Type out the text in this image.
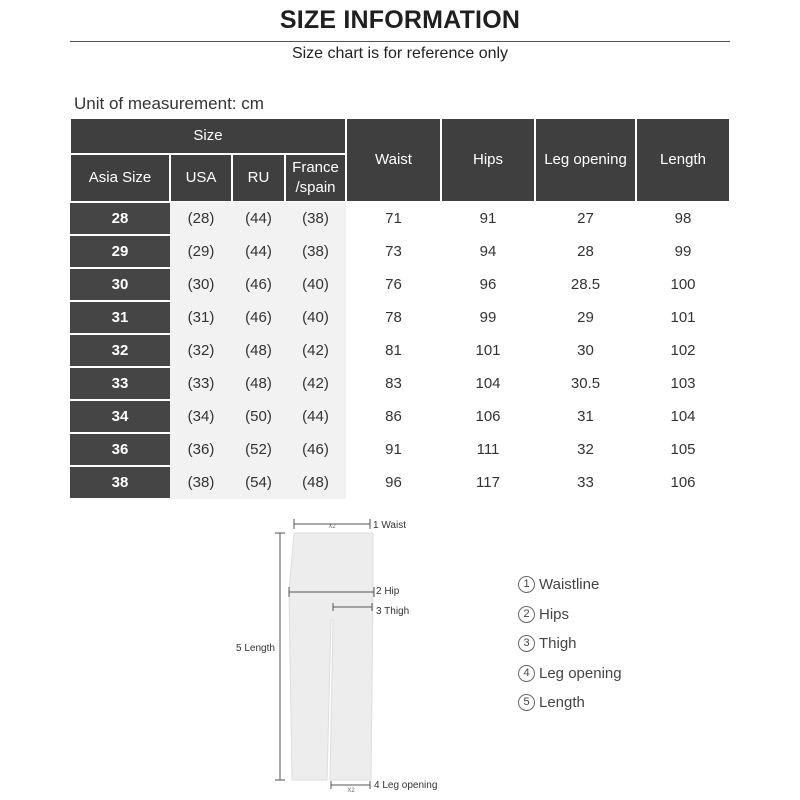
SIZE INFORMATION
Size chart is for reference only
Unit of measurement: cm
Size				Waist	Hips	Leg opening	Length
Asia Size	USA	RU	France
/spain				
28	(28)	(44)	(38)	71	91	27	98
29	(29)	(44)	(38)	73	94	28	99
30	(30)	(46)	(40)	76	96	28.5	100
31	(31)	(46)	(40)	78	99	29	101
32	(32)	(48)	(42)	81	101	30	102
33	(33)	(48)	(42)	83	104	30.5	103
34	(34)	(50)	(44)	86	106	31	104
36	(36)	(52)	(46)	91	111	32	105
38	(38)	(54)	(48)	96	117	33	106
X2
X2
1 Waist
2 Hip
3 Thigh
5 Length
4 Leg opening
1 Waistline
2 Hips
3 Thigh
4 Leg opening
5 Length
